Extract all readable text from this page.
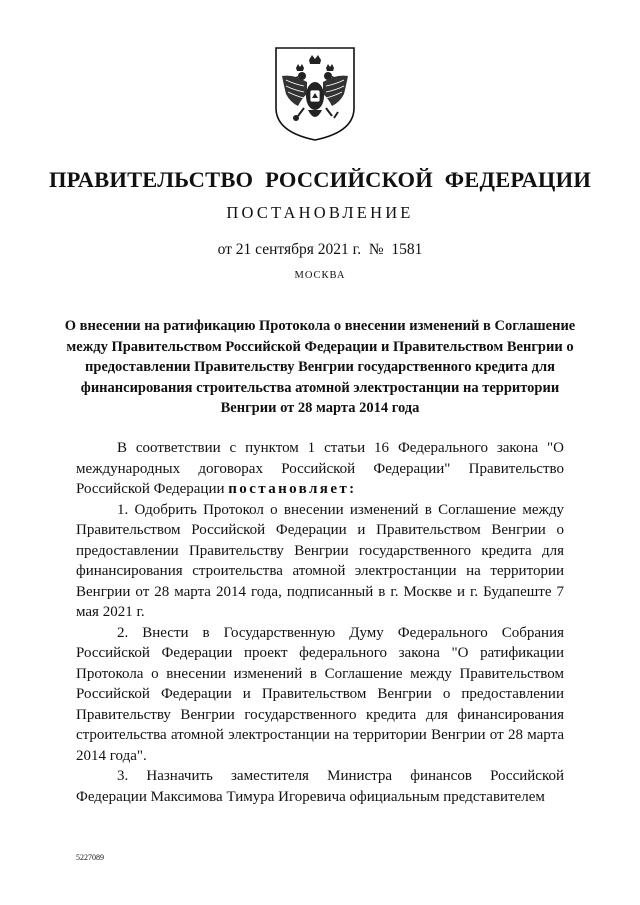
ПРАВИТЕЛЬСТВО РОССИЙСКОЙ ФЕДЕРАЦИИ
ПОСТАНОВЛЕНИЕ
от 21 сентября 2021 г.  №  1581
МОСКВА
О внесении на ратификацию Протокола о внесении изменений в Соглашение между Правительством Российской Федерации и Правительством Венгрии о предоставлении Правительству Венгрии государственного кредита для финансирования строительства атомной электростанции на территории Венгрии от 28 марта 2014 года

В соответствии с пунктом 1 статьи 16 Федерального закона "О международных договорах Российской Федерации" Правительство Российской Федерации постановляет:

1. Одобрить Протокол о внесении изменений в Соглашение между Правительством Российской Федерации и Правительством Венгрии о предоставлении Правительству Венгрии государственного кредита для финансирования строительства атомной электростанции на территории Венгрии от 28 марта 2014 года, подписанный в г. Москве и г. Будапеште 7 мая 2021 г.

2. Внести в Государственную Думу Федерального Собрания Российской Федерации проект федерального закона "О ратификации Протокола о внесении изменений в Соглашение между Правительством Российской Федерации и Правительством Венгрии о предоставлении Правительству Венгрии государственного кредита для финансирования строительства атомной электростанции на территории Венгрии от 28 марта 2014 года".

3. Назначить заместителя Министра финансов Российской Федерации Максимова Тимура Игоревича официальным представителем

5227089
